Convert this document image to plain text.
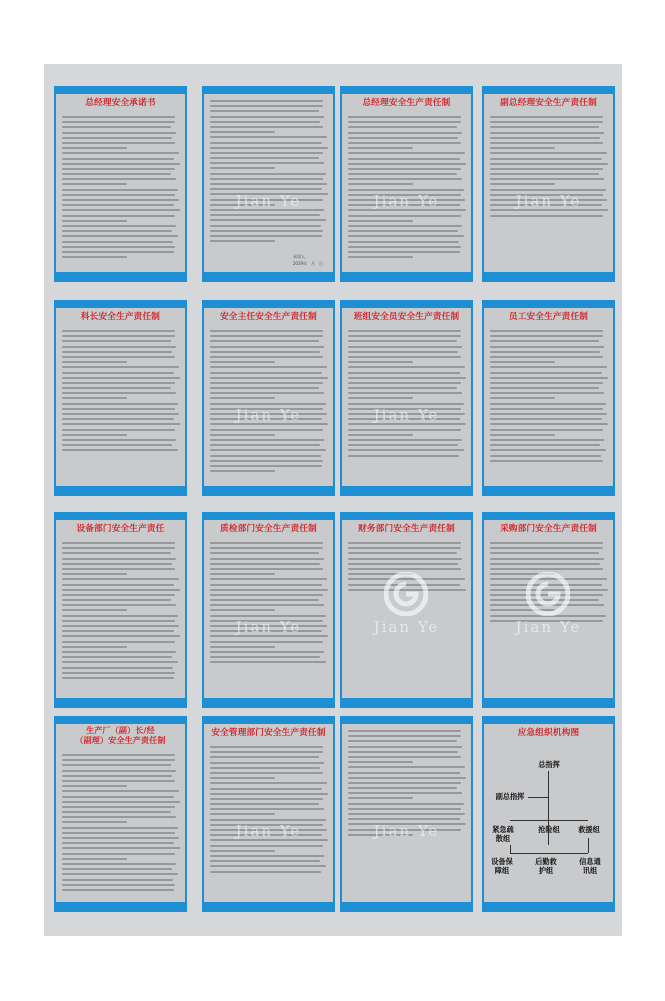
总经理安全承诺书
承诺人：
2019年　月　日
Jian Ye
总经理安全生产责任制
Jian Ye
副总经理安全生产责任制
Jian Ye
科长安全生产责任制	安全主任安全生产责任制
Jian Ye
班组安全员安全生产责任制
Jian Ye
员工安全生产责任制
设备部门安全生产责任	质检部门安全生产责任制
Jian Ye
财务部门安全生产责任制
Jian Ye
采购部门安全生产责任制
Jian Ye
生产厂（副）长/经
（副理）安全生产责任制
安全管理部门安全生产责任制
Jian Ye	Jian Ye
应急组织机构图
总指挥
副总指挥
紧急疏散组
抢险组	救援组
设备保障组
后勤救护组
信息通讯组
